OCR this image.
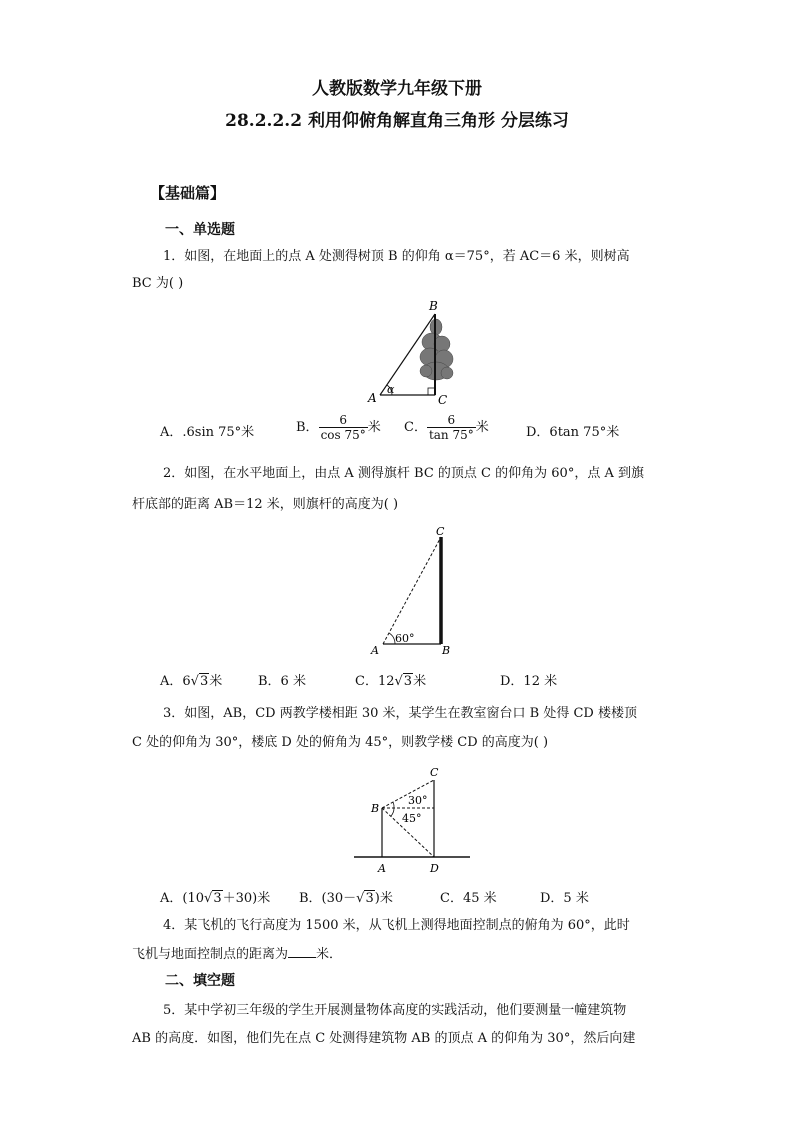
人教版数学九年级下册
28.2.2.2 利用仰俯角解直角三角形 分层练习
【基础篇】
一、单选题
1．如图，在地面上的点 A 处测得树顶 B 的仰角 α＝75°，若 AC＝6 米，则树高
BC 为( )
B
A	C
α
A．.6sin 75°米	B． $\frac{6}{\cos 75^\circ}$ 米 C． $\frac{6}{\tan 75^\circ}$ 米	D．6tan 75°米
2．如图，在水平地面上，由点 A 测得旗杆 BC 的顶点 C 的仰角为 60°，点 A 到旗
杆底部的距离 AB＝12 米，则旗杆的高度为( )
C
A	B
60°
A．6√3米	B．6 米	C．12√3米	D．12 米
3．如图，AB，CD 两教学楼相距 30 米，某学生在教室窗台口 B 处得 CD 楼楼顶
C 处的仰角为 30°，楼底 D 处的俯角为 45°，则教学楼 CD 的高度为( )
C
B
A	D
30°
45°
A．(10√3＋30)米 B．(30－√3)米	C．45 米	D．5 米
4．某飞机的飞行高度为 1500 米，从飞机上测得地面控制点的俯角为 60°，此时
飞机与地面控制点的距离为 米．
二、填空题
5．某中学初三年级的学生开展测量物体高度的实践活动，他们要测量一幢建筑物
AB 的高度．如图，他们先在点 C 处测得建筑物 AB 的顶点 A 的仰角为 30°，然后向建
